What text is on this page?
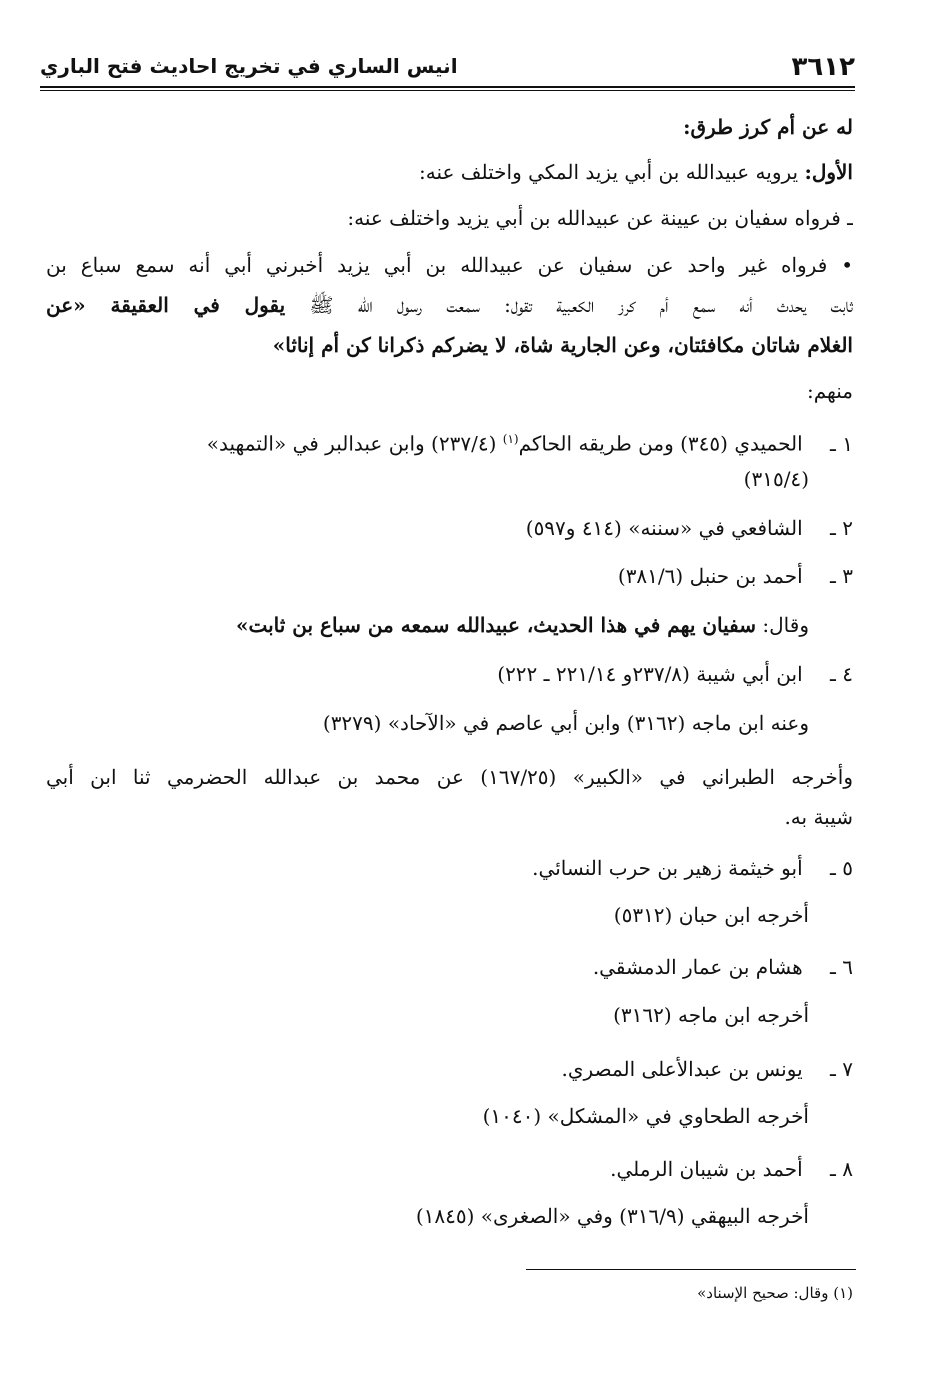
٣٦١٢
انيس الساري في تخريج احاديث فتح الباري
له عن أم كرز طرق:
الأول: يرويه عبيدالله بن أبي يزيد المكي واختلف عنه:
ـ فرواه سفيان بن عيينة عن عبيدالله بن أبي يزيد واختلف عنه:
• فرواه غير واحد عن سفيان عن عبيدالله بن أبي يزيد أخبرني أبي أنه سمع سباع بن
ثابت يحدث أنه سمع أم كرز الكعبية تقول: سمعت رسول الله ﷺ يقول في العقيقة «عن
الغلام شاتان مكافئتان، وعن الجارية شاة، لا يضركم ذكرانا كن أم إناثا»
منهم:
١ ـ الحميدي (٣٤٥) ومن طريقه الحاكم$^{(١)}$ (٢٣٧/٤) وابن عبدالبر في «التمهيد»
(٣١٥/٤)
٢ ـ الشافعي في «سننه» (٤١٤ و٥٩٧)
٣ ـ أحمد بن حنبل (٣٨١/٦)
وقال: سفيان يهم في هذا الحديث، عبيدالله سمعه من سباع بن ثابت»
٤ ـ ابن أبي شيبة (٢٣٧/٨و ٢٢١/١٤ ـ ٢٢٢)
وعنه ابن ماجه (٣١٦٢) وابن أبي عاصم في «الآحاد» (٣٢٧٩)
وأخرجه الطبراني في «الكبير» (١٦٧/٢٥) عن محمد بن عبدالله الحضرمي ثنا ابن أبي
شيبة به.
٥ ـ أبو خيثمة زهير بن حرب النسائي.
أخرجه ابن حبان (٥٣١٢)
٦ ـ هشام بن عمار الدمشقي.
أخرجه ابن ماجه (٣١٦٢)
٧ ـ يونس بن عبدالأعلى المصري.
أخرجه الطحاوي في «المشكل» (١٠٤٠)
٨ ـ أحمد بن شيبان الرملي.
أخرجه البيهقي (٣١٦/٩) وفي «الصغرى» (١٨٤٥)
(١) وقال: صحيح الإسناد»
